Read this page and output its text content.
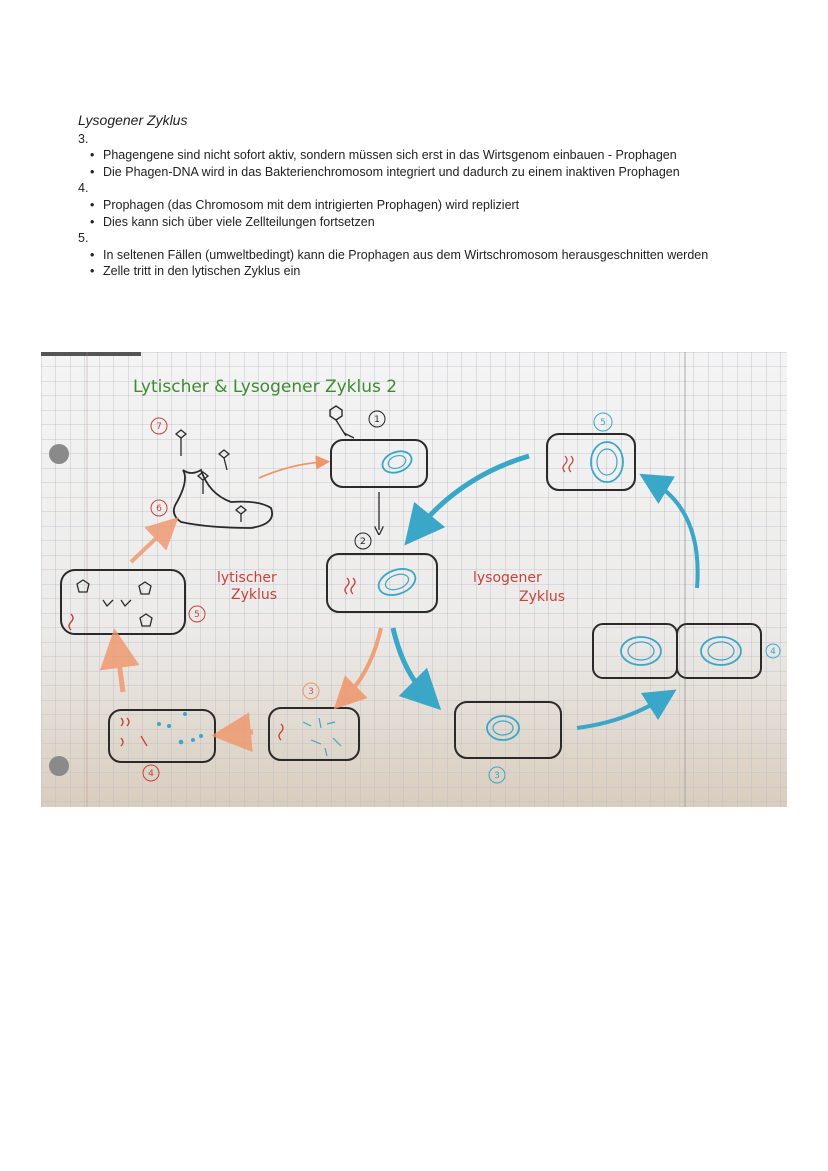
Lysogener Zyklus
3.
• Phagengene sind nicht sofort aktiv, sondern müssen sich erst in das Wirtsgenom einbauen - Prophagen
• Die Phagen-DNA wird in das Bakterienchromosom integriert und dadurch zu einem inaktiven Prophagen
4.
• Prophagen (das Chromosom mit dem intrigierten Prophagen) wird repliziert
• Dies kann sich über viele Zellteilungen fortsetzen
5.
• In seltenen Fällen (umweltbedingt) kann die Prophagen aus dem Wirtschromosom herausgeschnitten werden
• Zelle tritt in den lytischen Zyklus ein
Lytischer & Lysogener Zyklus 2
1
2
3
4
5
6
7
3
4
5
lytischer
Zyklus
lysogener
Zyklus
